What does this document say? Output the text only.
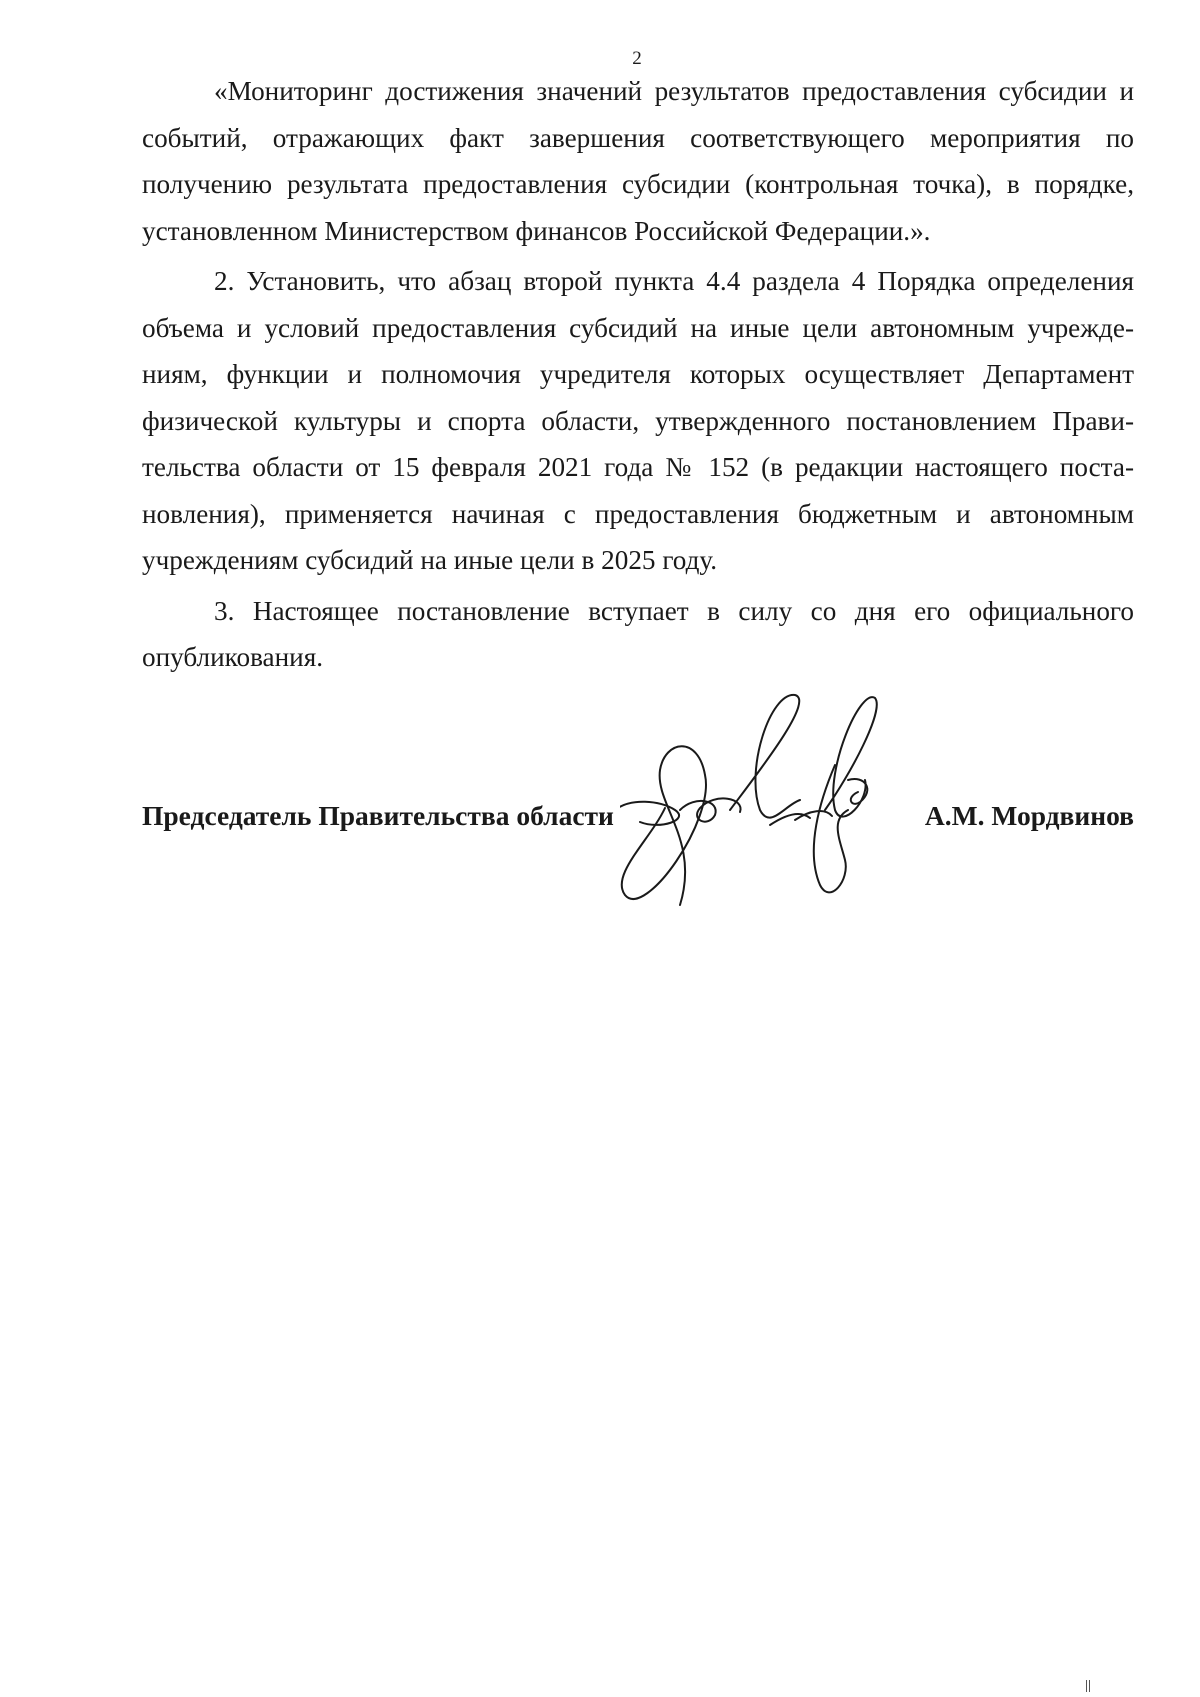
2

«Мониторинг достижения значений результатов предоставления субсидии и событий, отражающих факт завершения соответствующего мероприятия по получению результата предоставления субсидии (контрольная точка), в порядке, установленном Министерством финансов Российской Федерации.».

2. Установить, что абзац второй пункта 4.4 раздела 4 Порядка определения объема и условий предоставления субсидий на иные цели автономным учреждениям, функции и полномочия учредителя которых осуществляет Департамент физической культуры и спорта области, утвержденного постановлением Правительства области от 15 февраля 2021 года № 152 (в редакции настоящего постановления), применяется начиная с предоставления бюджетным и автономным учреждениям субсидий на иные цели в 2025 году.

3. Настоящее постановление вступает в силу со дня его официального опубликования.

Председатель Правительства области	А.М. Мордвинов
